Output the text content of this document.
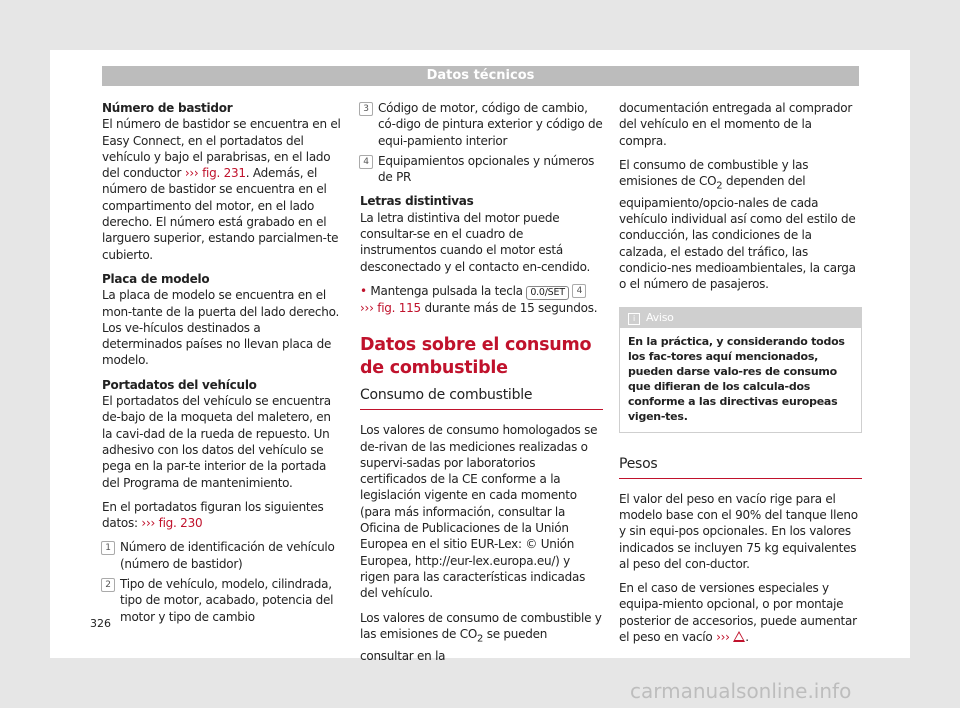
Datos técnicos
Número de bastidor

El número de bastidor se encuentra en el Easy Connect, en el portadatos del vehículo y bajo el parabrisas, en el lado del conductor ››› fig. 231. Además, el número de bastidor se encuentra en el compartimento del motor, en el lado derecho. El número está grabado en el larguero superior, estando parcialmen-te cubierto.

Placa de modelo

La placa de modelo se encuentra en el mon-tante de la puerta del lado derecho. Los ve-hículos destinados a determinados países no llevan placa de modelo.

Portadatos del vehículo

El portadatos del vehículo se encuentra de-bajo de la moqueta del maletero, en la cavi-dad de la rueda de repuesto. Un adhesivo con los datos del vehículo se pega en la par-te interior de la portada del Programa de mantenimiento.

En el portadatos figuran los siguientes datos: ››› fig. 230

1 Número de identificación de vehículo (número de bastidor)
2 Tipo de vehículo, modelo, cilindrada, tipo de motor, acabado, potencia del motor y tipo de cambio
3 Código de motor, código de cambio, có-digo de pintura exterior y código de equi-pamiento interior
4 Equipamientos opcionales y números de PR
Letras distintivas

La letra distintiva del motor puede consultar-se en el cuadro de instrumentos cuando el motor está desconectado y el contacto en-cendido.

• Mantenga pulsada la tecla 0.0/SET 4
››› fig. 115 durante más de 15 segundos.

Datos sobre el consumo de combustible
Consumo de combustible

Los valores de consumo homologados se de-rivan de las mediciones realizadas o supervi-sadas por laboratorios certificados de la CE conforme a la legislación vigente en cada momento (para más información, consultar la Oficina de Publicaciones de la Unión Europea en el sitio EUR-Lex: © Unión Europea, http://eur-lex.europa.eu/) y rigen para las características indicadas del vehículo.

Los valores de consumo de combustible y las emisiones de $CO_2$ se pueden consultar en la

documentación entregada al comprador del vehículo en el momento de la compra.

El consumo de combustible y las emisiones de $CO_2$ dependen del equipamiento/opcio-nales de cada vehículo individual así como del estilo de conducción, las condiciones de la calzada, el estado del tráfico, las condicio-nes medioambientales, la carga o el número de pasajeros.

i Aviso
En la práctica, y considerando todos los fac-tores aquí mencionados, pueden darse valo-res de consumo que difieran de los calcula-dos conforme a las directivas europeas vigen-tes.
Pesos

El valor del peso en vacío rige para el modelo base con el 90% del tanque lleno y sin equi-pos opcionales. En los valores indicados se incluyen 75 kg equivalentes al peso del con-ductor.

En el caso de versiones especiales y equipa-miento opcional, o por montaje posterior de accesorios, puede aumentar el peso en vacío ››› .

326
carmanualsonline.info
